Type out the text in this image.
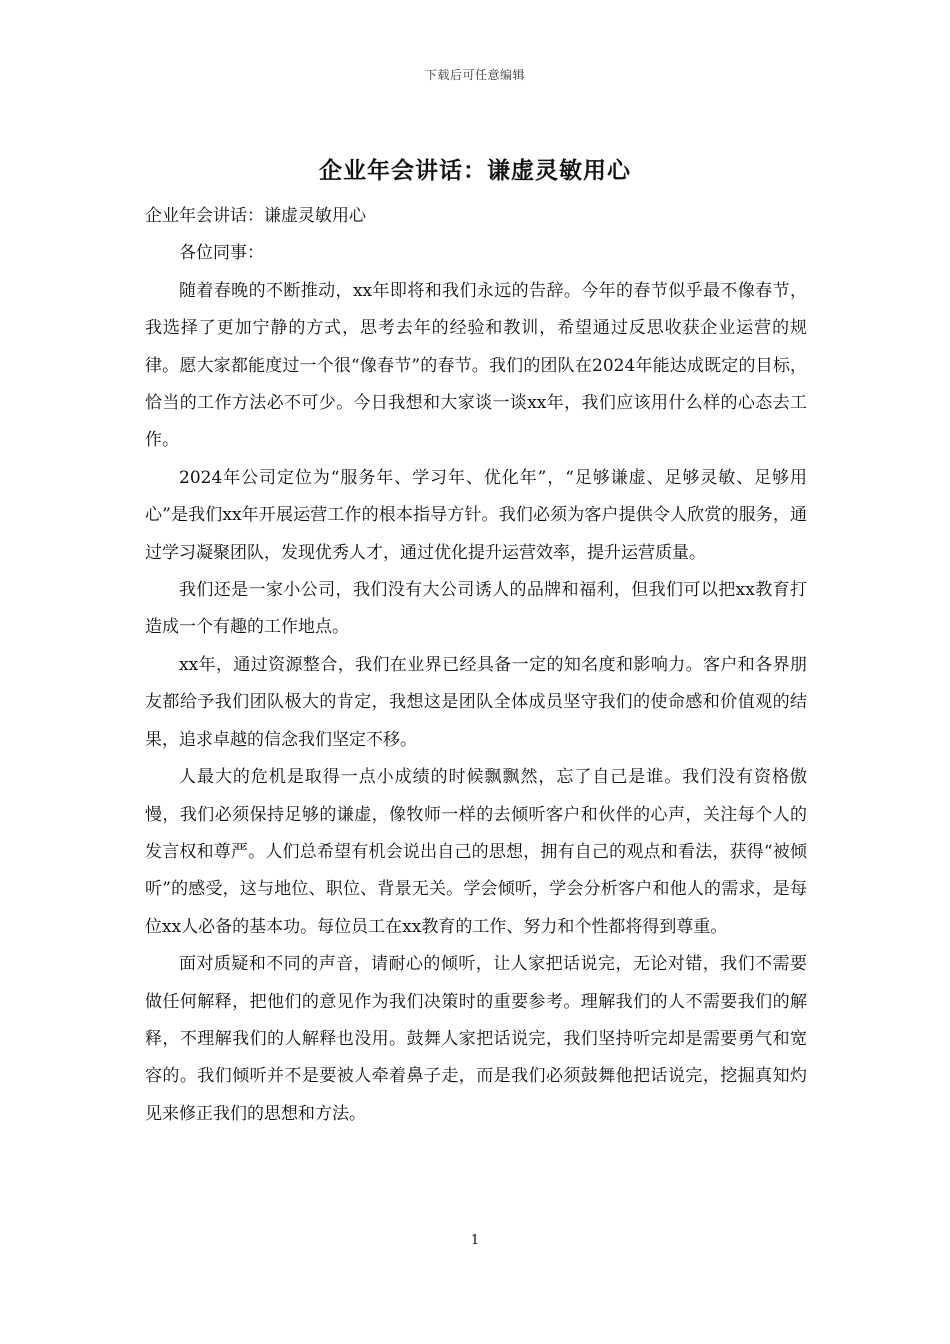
下载后可任意编辑
企业年会讲话：谦虚灵敏用心

企业年会讲话：谦虚灵敏用心

各位同事：

随着春晚的不断推动，xx年即将和我们永远的告辞。今年的春节似乎最不像春节，我选择了更加宁静的方式，思考去年的经验和教训，希望通过反思收获企业运营的规律。愿大家都能度过一个很“像春节”的春节。我们的团队在2024年能达成既定的目标，恰当的工作方法必不可少。今日我想和大家谈一谈xx年，我们应该用什么样的心态去工作。

2024年公司定位为“服务年、学习年、优化年”，“足够谦虚、足够灵敏、足够用心”是我们xx年开展运营工作的根本指导方针。我们必须为客户提供令人欣赏的服务，通过学习凝聚团队，发现优秀人才，通过优化提升运营效率，提升运营质量。

我们还是一家小公司，我们没有大公司诱人的品牌和福利，但我们可以把xx教育打造成一个有趣的工作地点。

xx年，通过资源整合，我们在业界已经具备一定的知名度和影响力。客户和各界朋友都给予我们团队极大的肯定，我想这是团队全体成员坚守我们的使命感和价值观的结果，追求卓越的信念我们坚定不移。

人最大的危机是取得一点小成绩的时候飘飘然，忘了自己是谁。我们没有资格傲慢，我们必须保持足够的谦虚，像牧师一样的去倾听客户和伙伴的心声，关注每个人的发言权和尊严。人们总希望有机会说出自己的思想，拥有自己的观点和看法，获得“被倾听”的感受，这与地位、职位、背景无关。学会倾听，学会分析客户和他人的需求，是每位xx人必备的基本功。每位员工在xx教育的工作、努力和个性都将得到尊重。

面对质疑和不同的声音，请耐心的倾听，让人家把话说完，无论对错，我们不需要做任何解释，把他们的意见作为我们决策时的重要参考。理解我们的人不需要我们的解释，不理解我们的人解释也没用。鼓舞人家把话说完，我们坚持听完却是需要勇气和宽容的。我们倾听并不是要被人牵着鼻子走，而是我们必须鼓舞他把话说完，挖掘真知灼见来修正我们的思想和方法。

1
